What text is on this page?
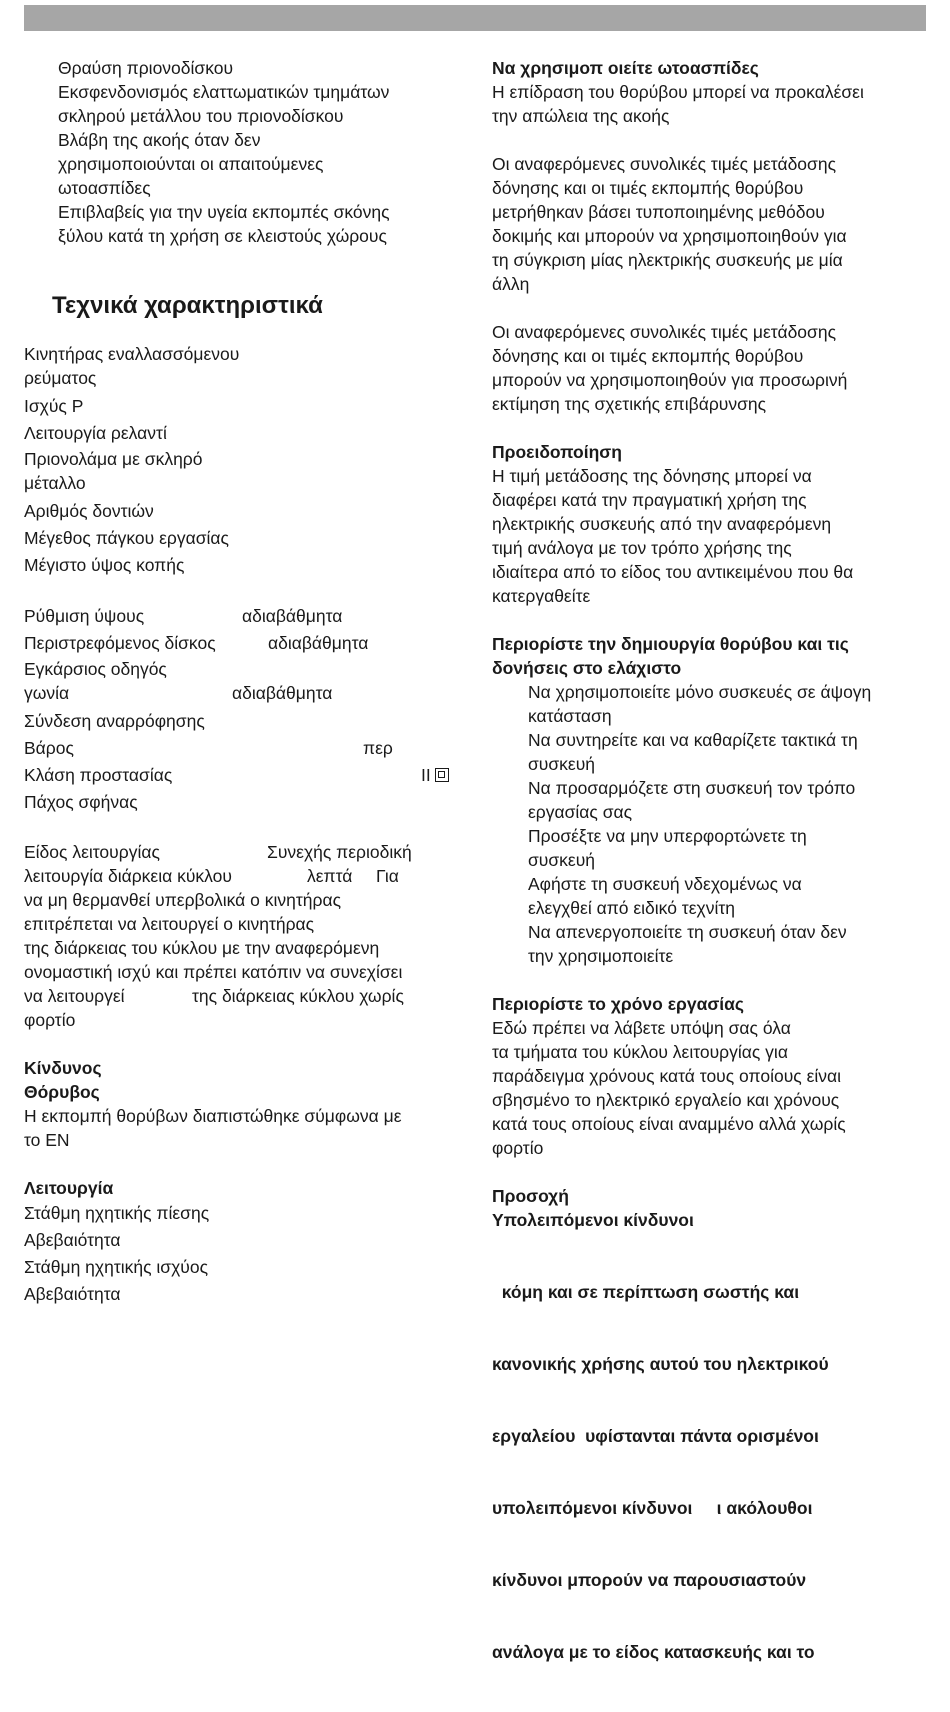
Θραύση πριονοδίσκου
Εκσφενδονισμός ελαττωματικών τμημάτων
σκληρού μετάλλου του πριονοδίσκου
Βλάβη της ακοής όταν δεν
χρησιμοποιούνται οι απαιτούμενες
ωτοασπίδες
Επιβλαβείς για την υγεία εκπομπές σκόνης
ξύλου κατά τη χρήση σε κλειστούς χώρους
Τεχνικά χαρακτηριστικά
Κινητήρας εναλλασσόμενου
ρεύματος
Ισχύς P
Λειτουργία ρελαντί
Πριονολάμα με σκληρό
μέταλλο
Αριθμός δοντιών
Μέγεθος πάγκου εργασίας
Μέγιστο ύψος κοπής
Ρύθμιση ύψους	αδιαβάθμητα
Περιστρεφόμενος δίσκος	αδιαβάθμητα
Εγκάρσιος οδηγός
γωνία	αδιαβάθμητα
Σύνδεση αναρρόφησης
Βάρος	περ
Κλάση προστασίας	II
Πάχος σφήνας
Είδος λειτουργίας	Συνεχής περιοδική
λειτουργία διάρκεια κύκλου	λεπτά Για
να μη θερμανθεί υπερβολικά ο κινητήρας
επιτρέπεται να λειτουργεί ο κινητήρας
της διάρκειας του κύκλου με την αναφερόμενη
ονομαστική ισχύ και πρέπει κατόπιν να συνεχίσει
να λειτουργεί	της διάρκειας κύκλου χωρίς
φορτίο
Κίνδυνος
Θόρυβος
Η εκπομπή θορύβων διαπιστώθηκε σύμφωνα με
το EN
Λειτουργία
Στάθμη ηχητικής πίεσης
Αβεβαιότητα
Στάθμη ηχητικής ισχύος
Αβεβαιότητα
Να χρησιμοπ οιείτε ωτοασπίδες
Η επίδραση του θορύβου μπορεί να προκαλέσει
την απώλεια της ακοής
Οι αναφερόμενες συνολικές τιμές μετάδοσης
δόνησης και οι τιμές εκπομπής θορύβου
μετρήθηκαν βάσει τυποποιημένης μεθόδου
δοκιμής και μπορούν να χρησιμοποιηθούν για
τη σύγκριση μίας ηλεκτρικής συσκευής με μία
άλλη
Οι αναφερόμενες συνολικές τιμές μετάδοσης
δόνησης και οι τιμές εκπομπής θορύβου
μπορούν να χρησιμοποιηθούν για προσωρινή
εκτίμηση της σχετικής επιβάρυνσης
Προειδοποίηση
Η τιμή μετάδοσης της δόνησης μπορεί να
διαφέρει κατά την πραγματική χρήση της
ηλεκτρικής συσκευής από την αναφερόμενη
τιμή ανάλογα με τον τρόπο χρήσης της
ιδιαίτερα από το είδος του αντικειμένου που θα
κατεργαθείτε
Περιορίστε την δημιουργία θορύβου και τις
δονήσεις στο ελάχιστο
Να χρησιμοποιείτε μόνο συσκευές σε άψογη
κατάσταση
Να συντηρείτε και να καθαρίζετε τακτικά τη
συσκευή
Να προσαρμόζετε στη συσκευή τον τρόπο
εργασίας σας
Προσέξτε να μην υπερφορτώνετε τη
συσκευή
Αφήστε τη συσκευή νδεχομένως να
ελεγχθεί από ειδικό τεχνίτη
Να απενεργοποιείτε τη συσκευή όταν δεν
την χρησιμοποιείτε
Περιορίστε το χρόνο εργασίας
Εδώ πρέπει να λάβετε υπόψη σας όλα
τα τμήματα του κύκλου λειτουργίας για
παράδειγμα χρόνους κατά τους οποίους είναι
σβησμένο το ηλεκτρικό εργαλείο και χρόνους
κατά τους οποίους είναι αναμμένο αλλά χωρίς
φορτίο
Προσοχή
Υπολειπόμενοι κίνδυνοι

κόμη και σε περίπτωση σωστής και

κανονικής χρήσης αυτού του ηλεκτρικού

εργαλείου  υφίστανται πάντα ορισμένοι

υπολειπόμενοι κίνδυνοι     ι ακόλουθοι

κίνδυνοι μπορούν να παρουσιαστούν

ανάλογα με το είδος κατασκευής και το
